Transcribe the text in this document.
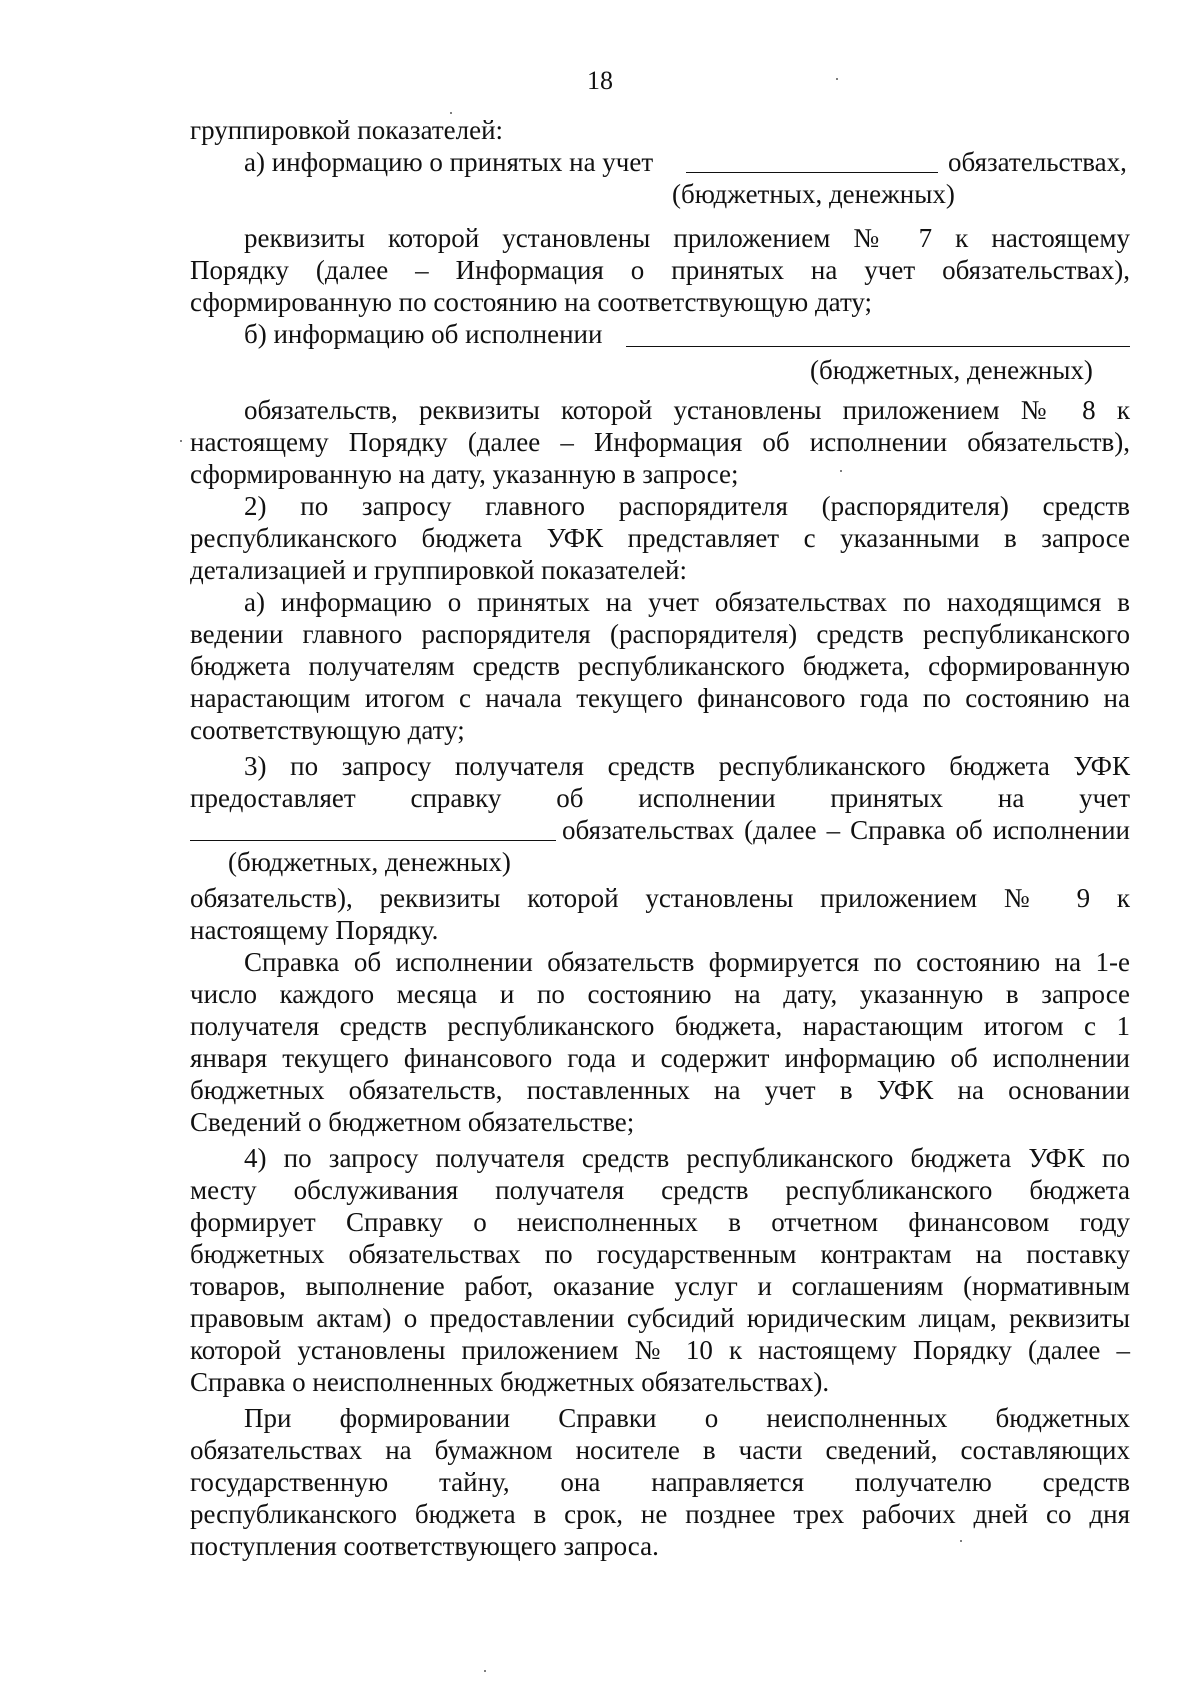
18
группировкой показателей:
а) информацию о принятых на учет	обязательствах,
(бюджетных, денежных)
реквизиты которой установлены приложением № 7 к настоящему
Порядку (далее – Информация о принятых на учет обязательствах),
сформированную по состоянию на соответствующую дату;
б) информацию об исполнении
(бюджетных, денежных)
обязательств, реквизиты которой установлены приложением № 8 к
настоящему Порядку (далее – Информация об исполнении обязательств),
сформированную на дату, указанную в запросе;
2) по запросу главного распорядителя (распорядителя) средств
республиканского бюджета УФК представляет с указанными в запросе
детализацией и группировкой показателей:
а) информацию о принятых на учет обязательствах по находящимся в
ведении главного распорядителя (распорядителя) средств республиканского
бюджета получателям средств республиканского бюджета, сформированную
нарастающим итогом с начала текущего финансового года по состоянию на
соответствующую дату;
3) по запросу получателя средств республиканского бюджета УФК
предоставляет справку об исполнении принятых на учет
обязательствах (далее – Справка об исполнении
(бюджетных, денежных)
обязательств), реквизиты которой установлены приложением № 9 к
настоящему Порядку.
Справка об исполнении обязательств формируется по состоянию на 1-е
число каждого месяца и по состоянию на дату, указанную в запросе
получателя средств республиканского бюджета, нарастающим итогом с 1
января текущего финансового года и содержит информацию об исполнении
бюджетных обязательств, поставленных на учет в УФК на основании
Сведений о бюджетном обязательстве;
4) по запросу получателя средств республиканского бюджета УФК по
месту обслуживания получателя средств республиканского бюджета
формирует Справку о неисполненных в отчетном финансовом году
бюджетных обязательствах по государственным контрактам на поставку
товаров, выполнение работ, оказание услуг и соглашениям (нормативным
правовым актам) о предоставлении субсидий юридическим лицам, реквизиты
которой установлены приложением № 10 к настоящему Порядку (далее –
Справка о неисполненных бюджетных обязательствах).
При формировании Справки о неисполненных бюджетных
обязательствах на бумажном носителе в части сведений, составляющих
государственную тайну, она направляется получателю средств
республиканского бюджета в срок, не позднее трех рабочих дней со дня
поступления соответствующего запроса.
